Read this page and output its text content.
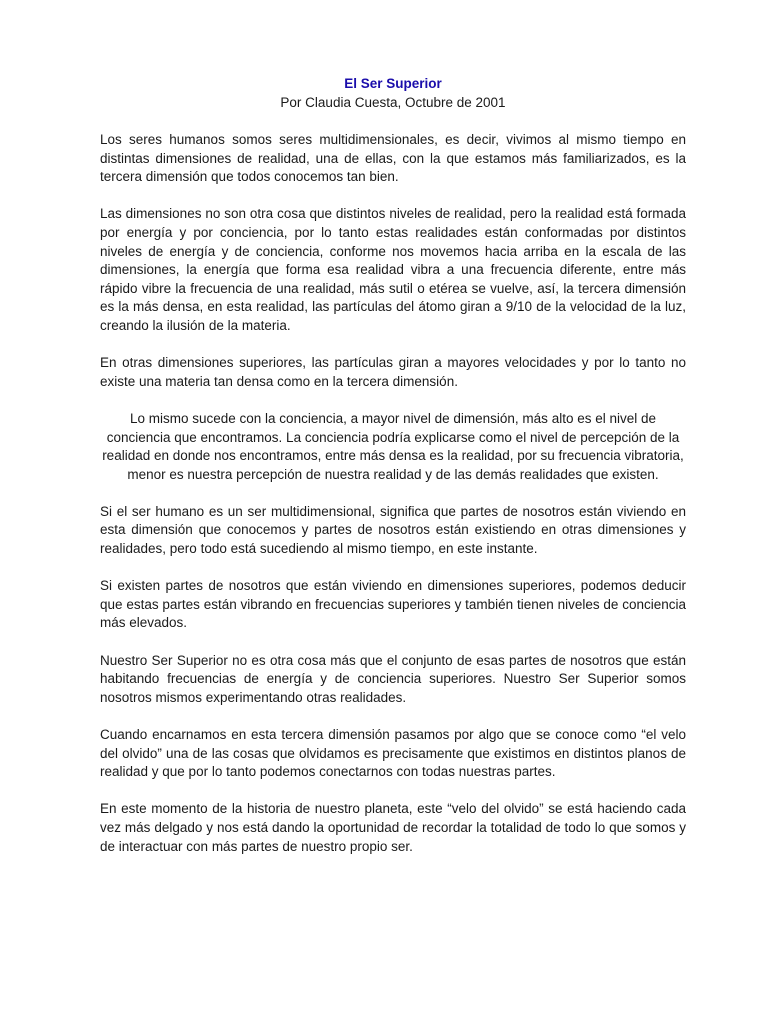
El Ser Superior

Por Claudia Cuesta, Octubre de 2001

Los seres humanos somos seres multidimensionales, es decir, vivimos al mismo tiempo en distintas dimensiones de realidad, una de ellas, con la que estamos más familiarizados, es la tercera dimensión que todos conocemos tan bien.

Las dimensiones no son otra cosa que distintos niveles de realidad, pero la realidad está formada por energía y por conciencia, por lo tanto estas realidades están conformadas por distintos niveles de energía y de conciencia, conforme nos movemos hacia arriba en la escala de las dimensiones, la energía que forma esa realidad vibra a una frecuencia diferente, entre más rápido vibre la frecuencia de una realidad, más sutil o etérea se vuelve, así, la tercera dimensión es la más densa, en esta realidad, las partículas del átomo giran a 9/10 de la velocidad de la luz, creando la ilusión de la materia.

En otras dimensiones superiores, las partículas giran a mayores velocidades y por lo tanto no existe una materia tan densa como en la tercera dimensión.

Lo mismo sucede con la conciencia, a mayor nivel de dimensión, más alto es el nivel de conciencia que encontramos. La conciencia podría explicarse como el nivel de percepción de la realidad en donde nos encontramos, entre más densa es la realidad, por su frecuencia vibratoria, menor es nuestra percepción de nuestra realidad y de las demás realidades que existen.

Si el ser humano es un ser multidimensional, significa que partes de nosotros están viviendo en esta dimensión que conocemos y partes de nosotros están existiendo en otras dimensiones y realidades, pero todo está sucediendo al mismo tiempo, en este instante.

Si existen partes de nosotros que están viviendo en dimensiones superiores, podemos deducir que estas partes están vibrando en frecuencias superiores y también tienen niveles de conciencia más elevados.

Nuestro Ser Superior no es otra cosa más que el conjunto de esas partes de nosotros que están habitando frecuencias de energía y de conciencia superiores. Nuestro Ser Superior somos nosotros mismos experimentando otras realidades.

Cuando encarnamos en esta tercera dimensión pasamos por algo que se conoce como “el velo del olvido” una de las cosas que olvidamos es precisamente que existimos en distintos planos de realidad y que por lo tanto podemos conectarnos con todas nuestras partes.

En este momento de la historia de nuestro planeta, este “velo del olvido” se está haciendo cada vez más delgado y nos está dando la oportunidad de recordar la totalidad de todo lo que somos y de interactuar con más partes de nuestro propio ser.
